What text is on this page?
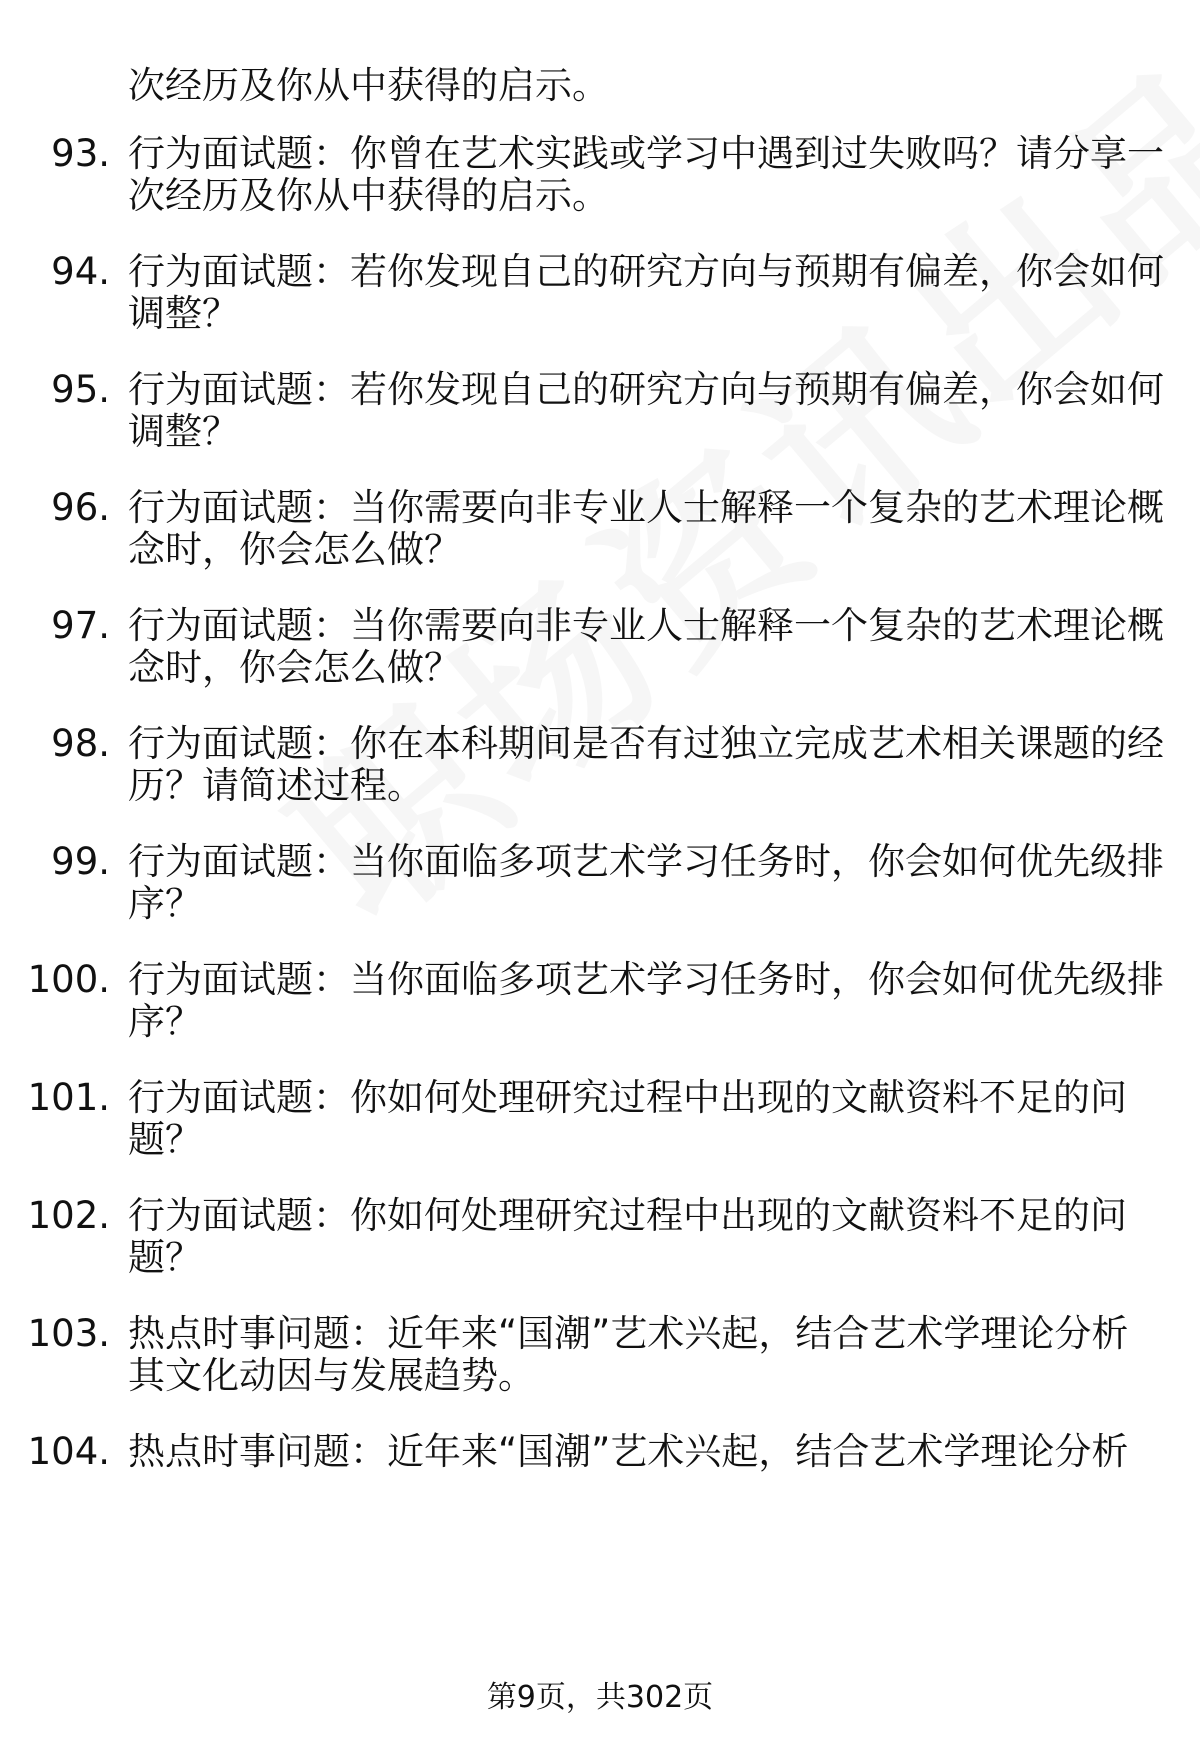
次经历及你从中获得的启示。
93. 行为面试题：你曾在艺术实践或学习中遇到过失败吗？请分享一
次经历及你从中获得的启示。
94. 行为面试题：若你发现自己的研究方向与预期有偏差，你会如何
调整？
95. 行为面试题：若你发现自己的研究方向与预期有偏差，你会如何
调整？
96. 行为面试题：当你需要向非专业人士解释一个复杂的艺术理论概
念时，你会怎么做？
97. 行为面试题：当你需要向非专业人士解释一个复杂的艺术理论概
念时，你会怎么做？
98. 行为面试题：你在本科期间是否有过独立完成艺术相关课题的经
历？请简述过程。
99. 行为面试题：当你面临多项艺术学习任务时，你会如何优先级排
序？
100. 行为面试题：当你面临多项艺术学习任务时，你会如何优先级排
序？
101. 行为面试题：你如何处理研究过程中出现的文献资料不足的问
题？
102. 行为面试题：你如何处理研究过程中出现的文献资料不足的问
题？
103. 热点时事问题：近年来“国潮”艺术兴起，结合艺术学理论分析
其文化动因与发展趋势。
104. 热点时事问题：近年来“国潮”艺术兴起，结合艺术学理论分析
第9页，共302页
